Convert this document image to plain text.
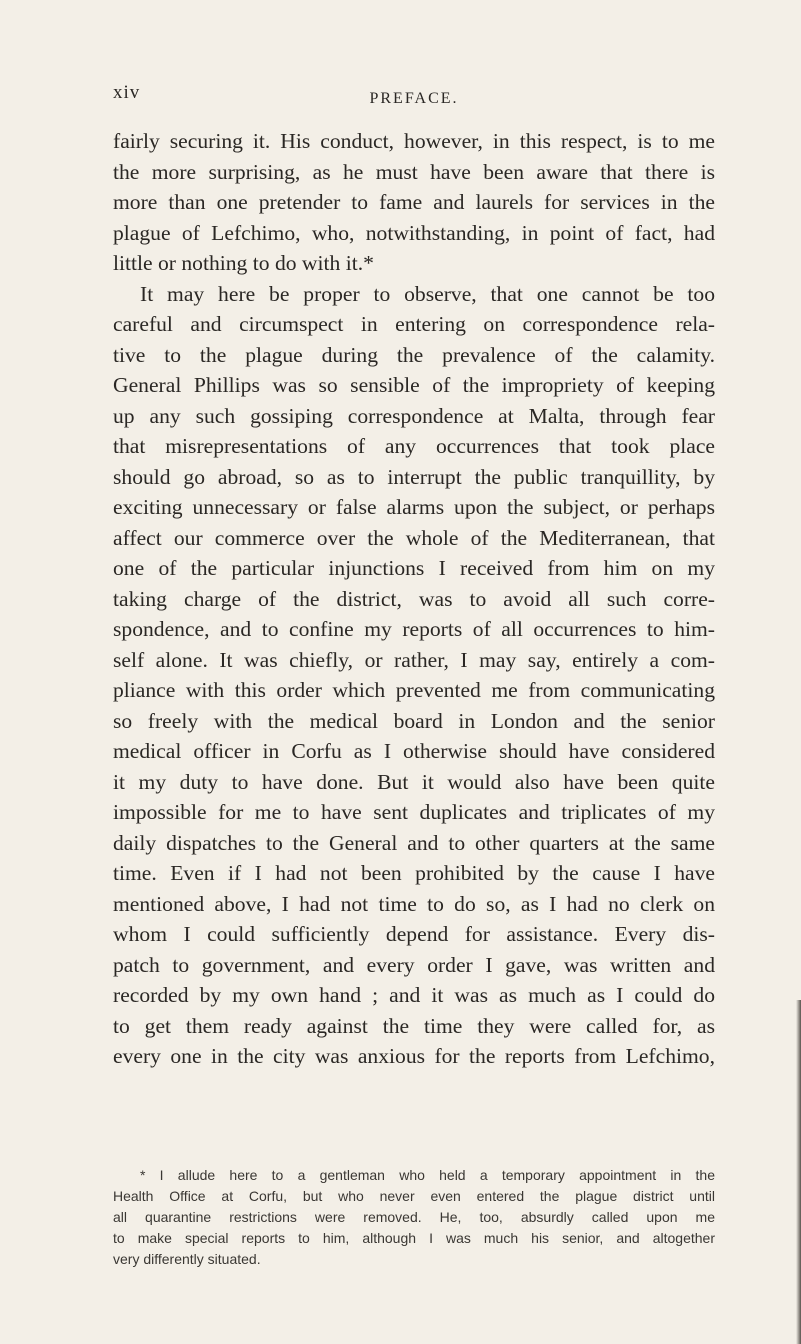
xiv	PREFACE.
fairly securing it. His conduct, however, in this respect, is to me
the more surprising, as he must have been aware that there is
more than one pretender to fame and laurels for services in the
plague of Lefchimo, who, notwithstanding, in point of fact, had
little or nothing to do with it.*
It may here be proper to observe, that one cannot be too
careful and circumspect in entering on correspondence rela-
tive to the plague during the prevalence of the calamity.
General Phillips was so sensible of the impropriety of keeping
up any such gossiping correspondence at Malta, through fear
that misrepresentations of any occurrences that took place
should go abroad, so as to interrupt the public tranquillity, by
exciting unnecessary or false alarms upon the subject, or perhaps
affect our commerce over the whole of the Mediterranean, that
one of the particular injunctions I received from him on my
taking charge of the district, was to avoid all such corre-
spondence, and to confine my reports of all occurrences to him-
self alone. It was chiefly, or rather, I may say, entirely a com-
pliance with this order which prevented me from communicating
so freely with the medical board in London and the senior
medical officer in Corfu as I otherwise should have considered
it my duty to have done. But it would also have been quite
impossible for me to have sent duplicates and triplicates of my
daily dispatches to the General and to other quarters at the same
time. Even if I had not been prohibited by the cause I have
mentioned above, I had not time to do so, as I had no clerk on
whom I could sufficiently depend for assistance. Every dis-
patch to government, and every order I gave, was written and
recorded by my own hand ; and it was as much as I could do
to get them ready against the time they were called for, as
every one in the city was anxious for the reports from Lefchimo,
* I allude here to a gentleman who held a temporary appointment in the
Health Office at Corfu, but who never even entered the plague district until
all quarantine restrictions were removed. He, too, absurdly called upon me
to make special reports to him, although I was much his senior, and altogether
very differently situated.
